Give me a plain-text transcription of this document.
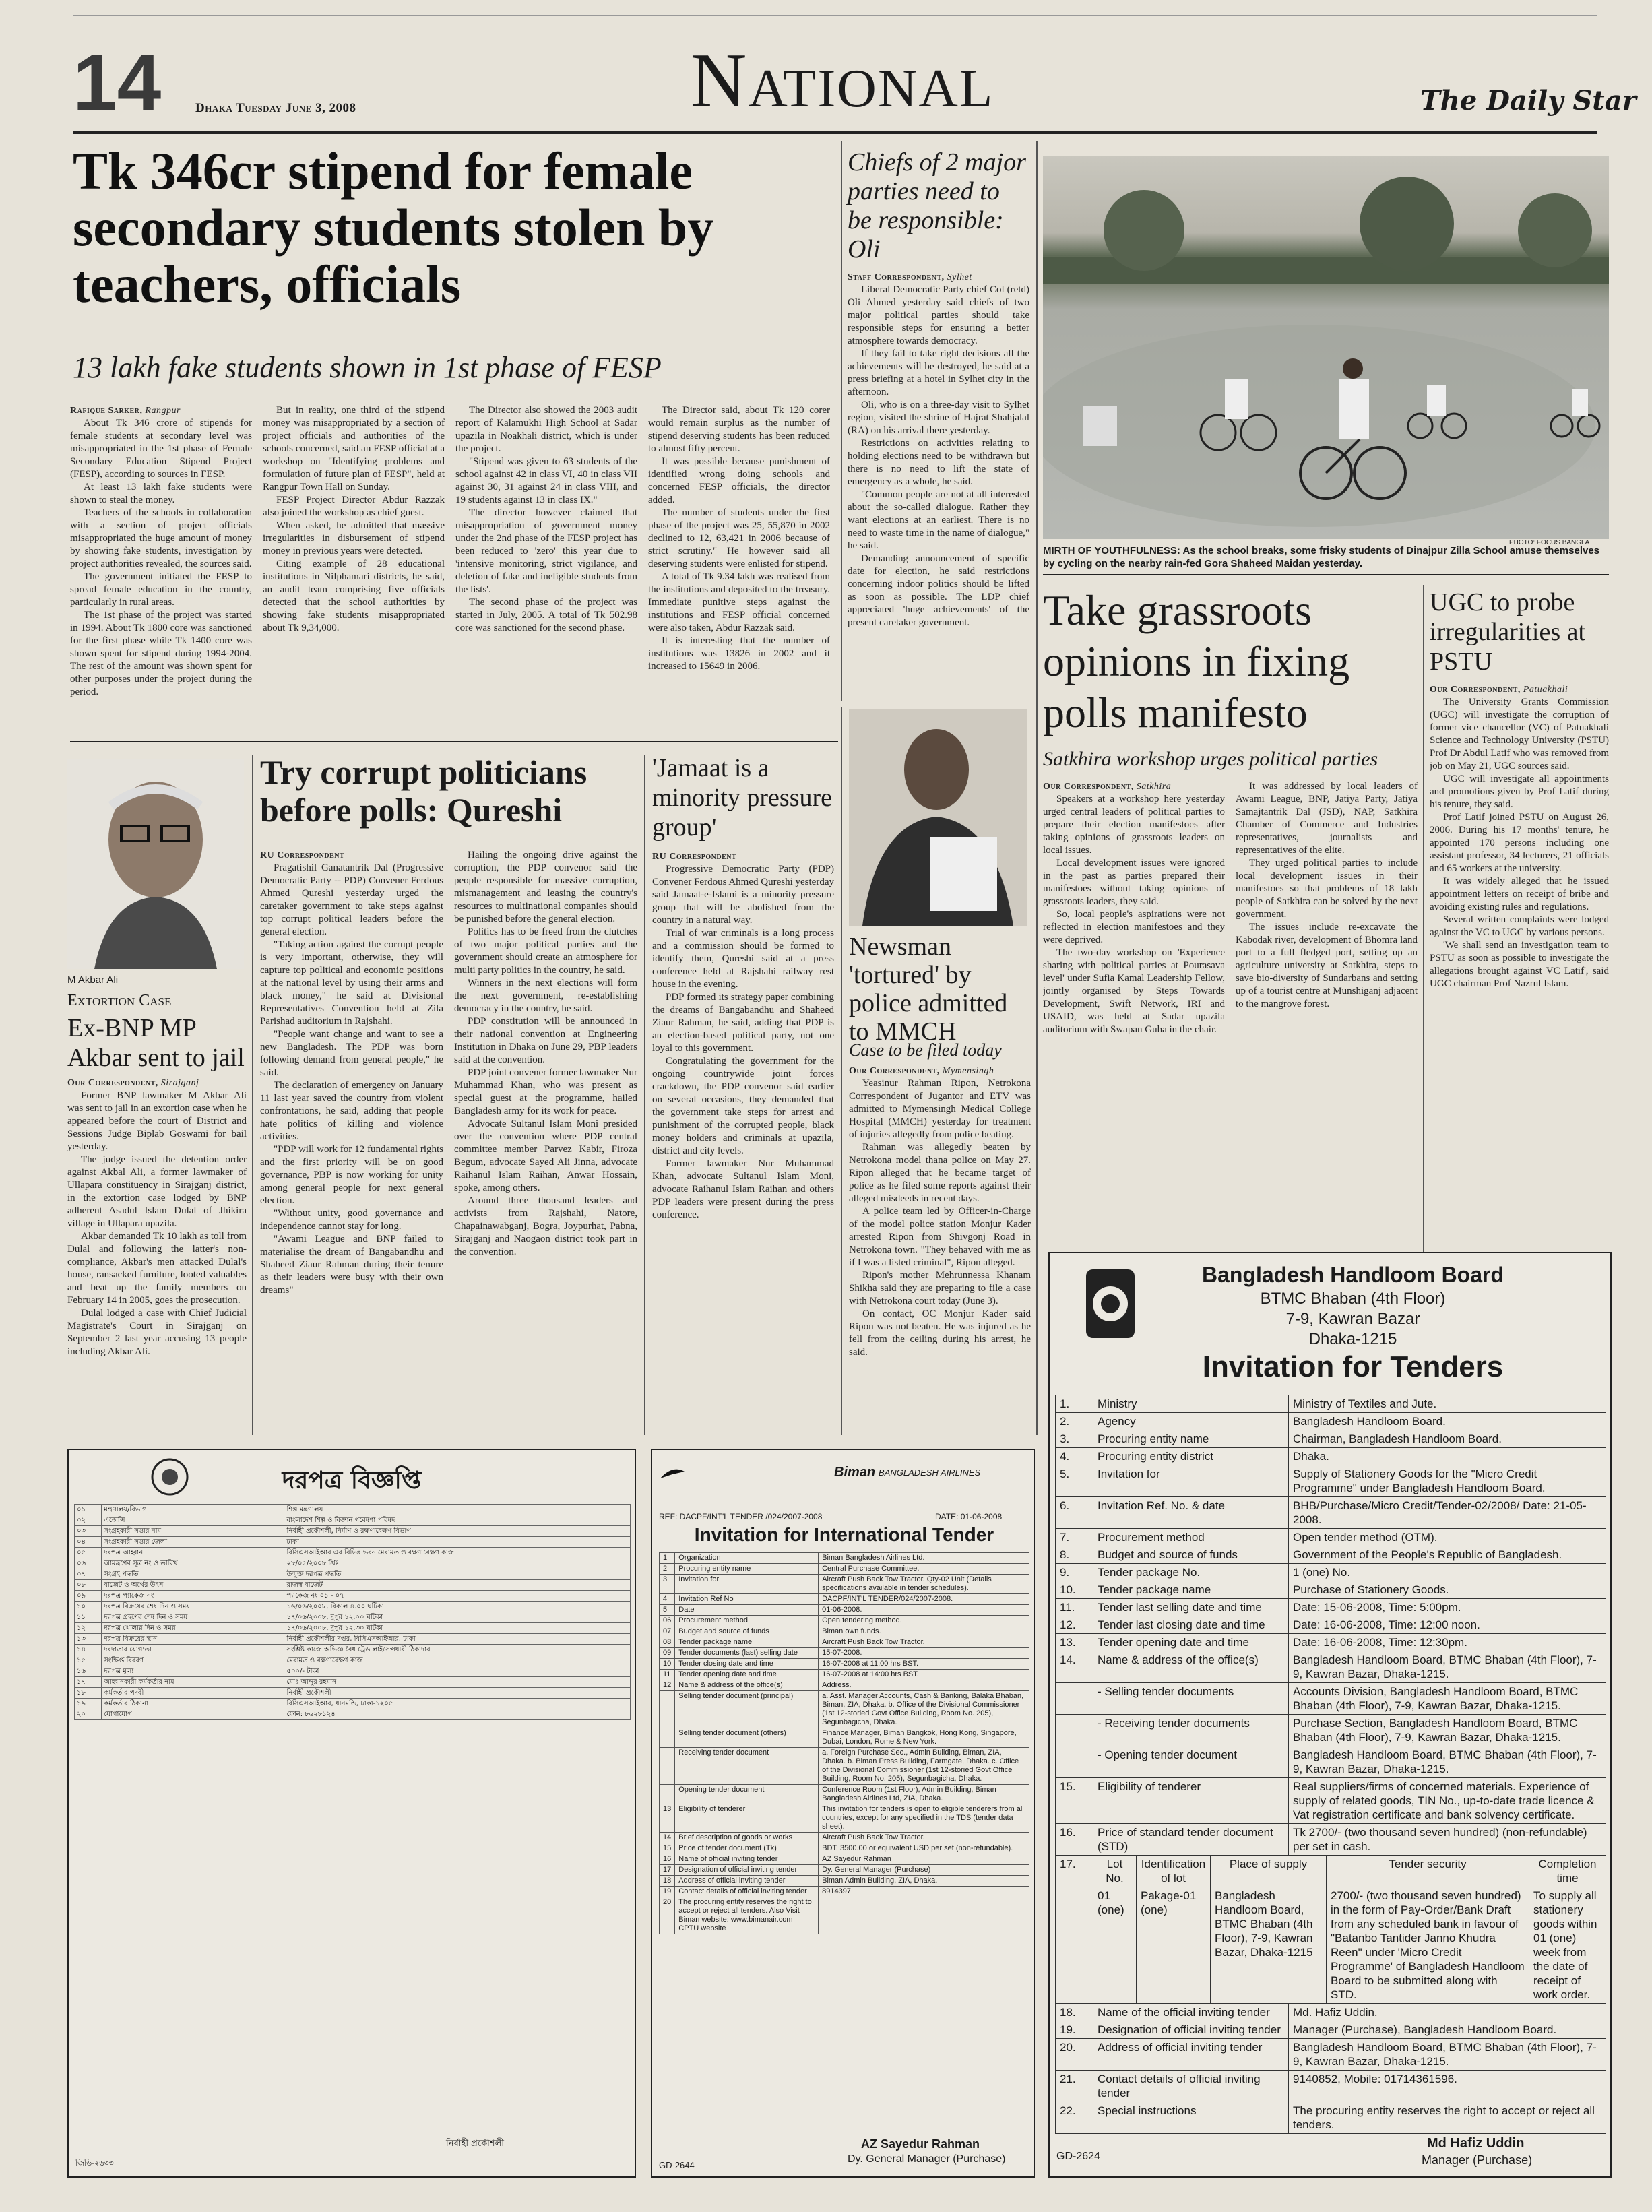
14	Dhaka Tuesday June 3, 2008	National	The Daily Star
Tk 346cr stipend for female secondary students stolen by teachers, officials
13 lakh fake students shown in 1st phase of FESP
Rafique Sarker, Rangpur

About Tk 346 crore of stipends for female students at secondary level was misappropriated in the 1st phase of Female Secondary Education Stipend Project (FESP), according to sources in FESP.

At least 13 lakh fake students were shown to steal the money.

Teachers of the schools in collaboration with a section of project officials misappropriated the huge amount of money by showing fake students, investigation by project authorities revealed, the sources said.

The government initiated the FESP to spread female education in the country, particularly in rural areas.

The 1st phase of the project was started in 1994. About Tk 1800 core was sanctioned for the first phase while Tk 1400 core was shown spent for stipend during 1994-2004. The rest of the amount was shown spent for other purposes under the project during the period.

But in reality, one third of the stipend money was misappropriated by a section of project officials and authorities of the schools concerned, said an FESP official at a workshop on "Identifying problems and formulation of future plan of FESP", held at Rangpur Town Hall on Sunday.

FESP Project Director Abdur Razzak also joined the workshop as chief guest.

When asked, he admitted that massive irregularities in disbursement of stipend money in previous years were detected.

Citing example of 28 educational institutions in Nilphamari districts, he said, an audit team comprising five officials detected that the school authorities by showing fake students misappropriated about Tk 9,34,000.

The Director also showed the 2003 audit report of Kalamukhi High School at Sadar upazila in Noakhali district, which is under the project.

"Stipend was given to 63 students of the school against 42 in class VI, 40 in class VII against 30, 31 against 24 in class VIII, and 19 students against 13 in class IX."

The director however claimed that misappropriation of government money under the 2nd phase of the FESP project has been reduced to 'zero' this year due to 'intensive monitoring, strict vigilance, and deletion of fake and ineligible students from the lists'.

The second phase of the project was started in July, 2005. A total of Tk 502.98 core was sanctioned for the second phase.

The Director said, about Tk 120 corer would remain surplus as the number of stipend deserving students has been reduced to almost fifty percent.

It was possible because punishment of identified wrong doing schools and concerned FESP officials, the director added.

The number of students under the first phase of the project was 25, 55,870 in 2002 declined to 12, 63,421 in 2006 because of strict scrutiny." He however said all deserving students were enlisted for stipend.

A total of Tk 9.34 lakh was realised from the institutions and deposited to the treasury. Immediate punitive steps against the institutions and FESP official concerned were also taken, Abdur Razzak said.

It is interesting that the number of institutions was 13826 in 2002 and it increased to 15649 in 2006.

Chiefs of 2 major parties need to be responsible: Oli
Staff Correspondent, Sylhet

Liberal Democratic Party chief Col (retd) Oli Ahmed yesterday said chiefs of two major political parties should take responsible steps for ensuring a better atmosphere towards democracy.

If they fail to take right decisions all the achievements will be destroyed, he said at a press briefing at a hotel in Sylhet city in the afternoon.

Oli, who is on a three-day visit to Sylhet region, visited the shrine of Hajrat Shahjalal (RA) on his arrival there yesterday.

Restrictions on activities relating to holding elections need to be withdrawn but there is no need to lift the state of emergency as a whole, he said.

"Common people are not at all interested about the so-called dialogue. Rather they want elections at an earliest. There is no need to waste time in the name of dialogue," he said.

Demanding announcement of specific date for election, he said restrictions concerning indoor politics should be lifted as soon as possible. The LDP chief appreciated 'huge achievements' of the present caretaker government.

PHOTO: FOCUS BANGLA
MIRTH OF YOUTHFULNESS: As the school breaks, some frisky students of Dinajpur Zilla School amuse themselves by cycling on the nearby rain-fed Gora Shaheed Maidan yesterday.
M Akbar Ali
Extortion Case
Ex-BNP MP
Akbar sent to jail
Our Correspondent, Sirajganj

Former BNP lawmaker M Akbar Ali was sent to jail in an extortion case when he appeared before the court of District and Sessions Judge Biplab Goswami for bail yesterday.

The judge issued the detention order against Akbal Ali, a former lawmaker of Ullapara constituency in Sirajganj district, in the extortion case lodged by BNP adherent Asadul Islam Dulal of Jhikira village in Ullapara upazila.

Akbar demanded Tk 10 lakh as toll from Dulal and following the latter's non-compliance, Akbar's men attacked Dulal's house, ransacked furniture, looted valuables and beat up the family members on February 14 in 2005, goes the prosecution.

Dulal lodged a case with Chief Judicial Magistrate's Court in Sirajganj on September 2 last year accusing 13 people including Akbar Ali.

Try corrupt politicians before polls: Qureshi
RU Correspondent

Pragatishil Ganatantrik Dal (Progressive Democratic Party -- PDP) Convener Ferdous Ahmed Qureshi yesterday urged the caretaker government to take steps against top corrupt political leaders before the general election.

"Taking action against the corrupt people is very important, otherwise, they will capture top political and economic positions at the national level by using their arms and black money," he said at Divisional Representatives Convention held at Zila Parishad auditorium in Rajshahi.

"People want change and want to see a new Bangladesh. The PDP was born following demand from general people," he said.

The declaration of emergency on January 11 last year saved the country from violent confrontations, he said, adding that people hate politics of killing and violence activities.

"PDP will work for 12 fundamental rights and the first priority will be on good governance, PBP is now working for unity among general people for next general election.

"Without unity, good governance and independence cannot stay for long.

"Awami League and BNP failed to materialise the dream of Bangabandhu and Shaheed Ziaur Rahman during their tenure as their leaders were busy with their own dreams"

Hailing the ongoing drive against the corruption, the PDP convenor said the people responsible for massive corruption, mismanagement and leasing the country's resources to multinational companies should be punished before the general election.

Politics has to be freed from the clutches of two major political parties and the government should create an atmosphere for multi party politics in the country, he said.

Winners in the next elections will form the next government, re-establishing democracy in the country, he said.

PDP constitution will be announced in their national convention at Engineering Institution in Dhaka on June 29, PBP leaders said at the convention.

PDP joint convener former lawmaker Nur Muhammad Khan, who was present as special guest at the programme, hailed Bangladesh army for its work for peace.

Advocate Sultanul Islam Moni presided over the convention where PDP central committee member Parvez Kabir, Firoza Begum, advocate Sayed Ali Jinna, advocate Raihanul Islam Raihan, Anwar Hossain, spoke, among others.

Around three thousand leaders and activists from Rajshahi, Natore, Chapainawabganj, Bogra, Joypurhat, Pabna, Sirajganj and Naogaon district took part in the convention.

'Jamaat is a minority pressure group'
RU Correspondent

Progressive Democratic Party (PDP) Convener Ferdous Ahmed Qureshi yesterday said Jamaat-e-Islami is a minority pressure group that will be abolished from the country in a natural way.

Trial of war criminals is a long process and a commission should be formed to identify them, Qureshi said at a press conference held at Rajshahi railway rest house in the evening.

PDP formed its strategy paper combining the dreams of Bangabandhu and Shaheed Ziaur Rahman, he said, adding that PDP is an election-based political party, not one loyal to this government.

Congratulating the government for the ongoing countrywide joint forces crackdown, the PDP convenor said earlier on several occasions, they demanded that the government take steps for arrest and punishment of the corrupted people, black money holders and criminals at upazila, district and city levels.

Former lawmaker Nur Muhammad Khan, advocate Sultanul Islam Moni, advocate Raihanul Islam Raihan and others PDP leaders were present during the press conference.

Newsman 'tortured' by police admitted to MMCH
Case to be filed today
Our Correspondent, Mymensingh

Yeasinur Rahman Ripon, Netrokona Correspondent of Jugantor and ETV was admitted to Mymensingh Medical College Hospital (MMCH) yesterday for treatment of injuries allegedly from police beating.

Rahman was allegedly beaten by Netrokona model thana police on May 27. Ripon alleged that he became target of police as he filed some reports against their alleged misdeeds in recent days.

A police team led by Officer-in-Charge of the model police station Monjur Kader arrested Ripon from Shivgonj Road in Netrokona town. "They behaved with me as if I was a listed criminal", Ripon alleged.

Ripon's mother Mehrunnessa Khanam Shikha said they are preparing to file a case with Netrokona court today (June 3).

On contact, OC Monjur Kader said Ripon was not beaten. He was injured as he fell from the ceiling during his arrest, he said.

Take grassroots opinions in fixing polls manifesto
Satkhira workshop urges political parties
Our Correspondent, Satkhira

Speakers at a workshop here yesterday urged central leaders of political parties to prepare their election manifestoes after taking opinions of grassroots leaders on local issues.

Local development issues were ignored in the past as parties prepared their manifestoes without taking opinions of grassroots leaders, they said.

So, local people's aspirations were not reflected in election manifestoes and they were deprived.

The two-day workshop on 'Experience sharing with political parties at Pourasava level' under Sufia Kamal Leadership Fellow, jointly organised by Steps Towards Development, Swift Network, IRI and USAID, was held at Sadar upazila auditorium with Swapan Guha in the chair.

It was addressed by local leaders of Awami League, BNP, Jatiya Party, Jatiya Samajtantrik Dal (JSD), NAP, Satkhira Chamber of Commerce and Industries representatives, journalists and representatives of the elite.

They urged political parties to include local development issues in their manifestoes so that problems of 18 lakh people of Satkhira can be solved by the next government.

The issues include re-excavate the Kabodak river, development of Bhomra land port to a full fledged port, setting up an agriculture university at Satkhira, steps to save bio-diversity of Sundarbans and setting up of a tourist centre at Munshiganj adjacent to the mangrove forest.

UGC to probe irregularities at PSTU
Our Correspondent, Patuakhali

The University Grants Commission (UGC) will investigate the corruption of former vice chancellor (VC) of Patuakhali Science and Technology University (PSTU) Prof Dr Abdul Latif who was removed from job on May 21, UGC sources said.

UGC will investigate all appointments and promotions given by Prof Latif during his tenure, they said.

Prof Latif joined PSTU on August 26, 2006. During his 17 months' tenure, he appointed 170 persons including one assistant professor, 34 lecturers, 21 officials and 65 workers at the university.

It was widely alleged that he issued appointment letters on receipt of bribe and avoiding existing rules and regulations.

Several written complaints were lodged against the VC to UGC by various persons.

'We shall send an investigation team to PSTU as soon as possible to investigate the allegations brought against VC Latif', said UGC chairman Prof Nazrul Islam.

দরপত্র বিজ্ঞপ্তি
০১	মন্ত্রণালয়/বিভাগ	শিল্প মন্ত্রণালয়
০২	এজেন্সি	বাংলাদেশ শিল্প ও বিজ্ঞান গবেষণা পরিষদ
০৩	সংগ্রহকারী সত্তার নাম	নির্বাহী প্রকৌশলী, নির্মাণ ও রক্ষণাবেক্ষণ বিভাগ
০৪	সংগ্রহকারী সত্তার জেলা	ঢাকা
০৫	দরপত্র আহ্বান	বিসিএসআইআর এর বিভিন্ন ভবন মেরামত ও রক্ষণাবেক্ষণ কাজ
০৬	আমন্ত্রণের সূত্র নং ও তারিখ	২৮/০৫/২০০৮ খ্রিঃ
০৭	সংগ্রহ পদ্ধতি	উন্মুক্ত দরপত্র পদ্ধতি
০৮	বাজেট ও অর্থের উৎস	রাজস্ব বাজেট
০৯	দরপত্র প্যাকেজ নং	প্যাকেজ নং ০১ - ০৭
১০	দরপত্র বিক্রয়ের শেষ দিন ও সময়	১৬/০৬/২০০৮, বিকাল ৪.০০ ঘটিকা
১১	দরপত্র গ্রহণের শেষ দিন ও সময়	১৭/০৬/২০০৮, দুপুর ১২.০০ ঘটিকা
১২	দরপত্র খোলার দিন ও সময়	১৭/০৬/২০০৮, দুপুর ১২.৩০ ঘটিকা
১৩	দরপত্র বিক্রয়ের স্থান	নির্বাহী প্রকৌশলীর দপ্তর, বিসিএসআইআর, ঢাকা
১৪	দরদাতার যোগ্যতা	সংশ্লিষ্ট কাজে অভিজ্ঞ বৈধ ট্রেড লাইসেন্সধারী ঠিকাদার
১৫	সংক্ষিপ্ত বিবরণ	মেরামত ও রক্ষণাবেক্ষণ কাজ
১৬	দরপত্র মূল্য	৫০০/- টাকা
১৭	আহ্বানকারী কর্মকর্তার নাম	মোঃ আব্দুর রহমান
১৮	কর্মকর্তার পদবী	নির্বাহী প্রকৌশলী
১৯	কর্মকর্তার ঠিকানা	বিসিএসআইআর, ধানমন্ডি, ঢাকা-১২০৫
২০	যোগাযোগ	ফোন: ৮৬২৮১২৪
নির্বাহী প্রকৌশলী
জিডি-২৬৩৩
Biman BANGLADESH AIRLINES
REF: DACPF/INT'L TENDER /024/2007-2008	DATE: 01-06-2008
Invitation for International Tender
1	Organization	Biman Bangladesh Airlines Ltd.
2	Procuring entity name	Central Purchase Committee.
3	Invitation for	Aircraft Push Back Tow Tractor. Qty-02 Unit (Details specifications available in tender schedules).
4	Invitation Ref No	DACPF/INT'L TENDER/024/2007-2008.
5	Date	01-06-2008.
06	Procurement method	Open tendering method.
07	Budget and source of funds	Biman own funds.
08	Tender package name	Aircraft Push Back Tow Tractor.
09	Tender documents (last) selling date	15-07-2008.
10	Tender closing date and time	16-07-2008 at 11:00 hrs BST.
11	Tender opening date and time	16-07-2008 at 14:00 hrs BST.
12	Name & address of the office(s)	Address.
	Selling tender document (principal)	a. Asst. Manager Accounts, Cash & Banking, Balaka Bhaban, Biman, ZIA, Dhaka. b. Office of the Divisional Commissioner (1st 12-storied Govt Office Building, Room No. 205), Segunbagicha, Dhaka.
	Selling tender document (others)	Finance Manager, Biman Bangkok, Hong Kong, Singapore, Dubai, London, Rome & New York.
	Receiving tender document	a. Foreign Purchase Sec., Admin Building, Biman, ZIA, Dhaka. b. Biman Press Building, Farmgate, Dhaka. c. Office of the Divisional Commissioner (1st 12-storied Govt Office Building, Room No. 205), Segunbagicha, Dhaka.
	Opening tender document	Conference Room (1st Floor), Admin Building, Biman Bangladesh Airlines Ltd, ZIA, Dhaka.
13	Eligibility of tenderer	This invitation for tenders is open to eligible tenderers from all countries, except for any specified in the TDS (tender data sheet).
14	Brief description of goods or works	Aircraft Push Back Tow Tractor.
15	Price of tender document (Tk)	BDT. 3500.00 or equivalent USD per set (non-refundable).
16	Name of official inviting tender	AZ Sayedur Rahman
17	Designation of official inviting tender	Dy. General Manager (Purchase)
18	Address of official inviting tender	Biman Admin Building, ZIA, Dhaka.
19	Contact details of official inviting tender	8914397
20	The procuring entity reserves the right to accept or reject all tenders. Also Visit Biman website: www.bimanair.com CPTU website	
AZ Sayedur Rahman
Dy. General Manager (Purchase)
GD-2644
Bangladesh Handloom Board
BTMC Bhaban (4th Floor)
7-9, Kawran Bazar
Dhaka-1215
Invitation for Tenders
1.	Ministry	Ministry of Textiles and Jute.
2.	Agency	Bangladesh Handloom Board.
3.	Procuring entity name	Chairman, Bangladesh Handloom Board.
4.	Procuring entity district	Dhaka.
5.	Invitation for	Supply of Stationery Goods for the "Micro Credit Programme" under Bangladesh Handloom Board.
6.	Invitation Ref. No. & date	BHB/Purchase/Micro Credit/Tender-02/2008/ Date: 21-05-2008.
7.	Procurement method	Open tender method (OTM).
8.	Budget and source of funds	Government of the People's Republic of Bangladesh.
9.	Tender package No.	1 (one) No.
10.	Tender package name	Purchase of Stationery Goods.
11.	Tender last selling date and time	Date: 15-06-2008, Time: 5:00pm.
12.	Tender last closing date and time	Date: 16-06-2008, Time: 12:00 noon.
13.	Tender opening date and time	Date: 16-06-2008, Time: 12:30pm.
14.	Name & address of the office(s)	Bangladesh Handloom Board, BTMC Bhaban (4th Floor), 7-9, Kawran Bazar, Dhaka-1215.
	- Selling tender documents	Accounts Division, Bangladesh Handloom Board, BTMC Bhaban (4th Floor), 7-9, Kawran Bazar, Dhaka-1215.
	- Receiving tender documents	Purchase Section, Bangladesh Handloom Board, BTMC Bhaban (4th Floor), 7-9, Kawran Bazar, Dhaka-1215.
	- Opening tender document	Bangladesh Handloom Board, BTMC Bhaban (4th Floor), 7-9, Kawran Bazar, Dhaka-1215.
15.	Eligibility of tenderer	Real suppliers/firms of concerned materials. Experience of supply of related goods, TIN No., up-to-date trade licence & Vat registration certificate and bank solvency certificate.
16.	Price of standard tender document (STD)	Tk 2700/- (two thousand seven hundred) (non-refundable) per set in cash.
17.	Lot No.	Identification of lot	Place of supply	Tender security	Completion time
	01 (one)	Pakage-01 (one)	Bangladesh Handloom Board, BTMC Bhaban (4th Floor), 7-9, Kawran Bazar, Dhaka-1215	2700/- (two thousand seven hundred) in the form of Pay-Order/Bank Draft from any scheduled bank in favour of "Batanbo Tantider Janno Khudra Reen" under 'Micro Credit Programme' of Bangladesh Handloom Board to be submitted along with STD.	To supply all stationery goods within 01 (one) week from the date of receipt of work order.
18.	Name of the official inviting tender	Md. Hafiz Uddin.
19.	Designation of official inviting tender	Manager (Purchase), Bangladesh Handloom Board.
20.	Address of official inviting tender	Bangladesh Handloom Board, BTMC Bhaban (4th Floor), 7-9, Kawran Bazar, Dhaka-1215.
21.	Contact details of official inviting tender	9140852, Mobile: 01714361596.
22.	Special instructions	The procuring entity reserves the right to accept or reject all tenders.
Md Hafiz Uddin
Manager (Purchase)
GD-2624
